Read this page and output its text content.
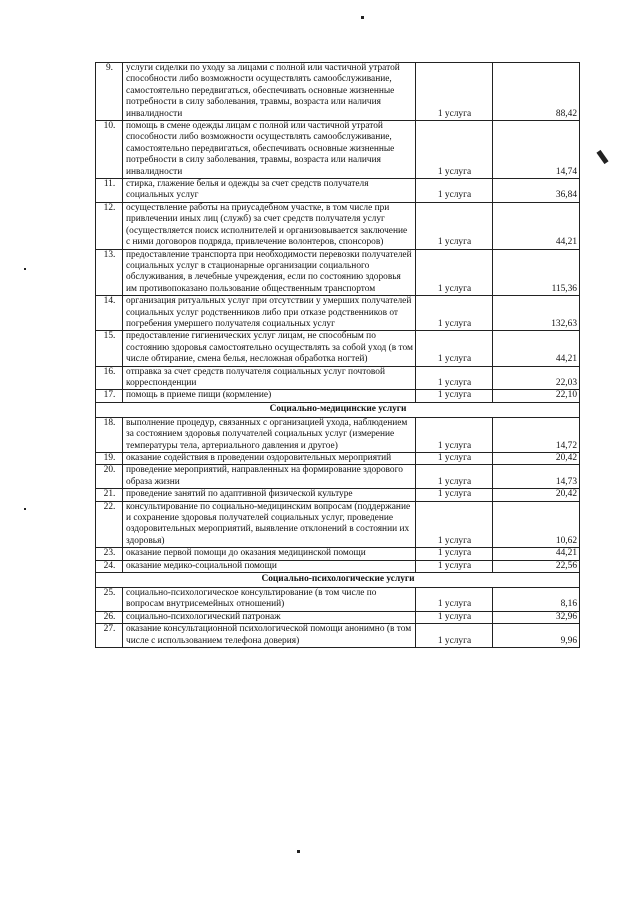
9.	услуги сиделки по уходу за лицами с полной или частичной утратой способности либо возможности осуществлять самообслуживание, самостоятельно передвигаться, обеспечивать основные жизненные потребности в силу заболевания, травмы, возраста или наличия инвалидности	1 услуга	88,42
10.	помощь в смене одежды лицам с полной или частичной утратой способности либо возможности осуществлять самообслуживание, самостоятельно передвигаться, обеспечивать основные жизненные потребности в силу заболевания, травмы, возраста или наличия инвалидности	1 услуга	14,74
11.	стирка, глажение белья и одежды за счет средств получателя социальных услуг	1 услуга	36,84
12.	осуществление работы на приусадебном участке, в том числе при привлечении иных лиц (служб) за счет средств получателя услуг (осуществляется поиск исполнителей и организовывается заключение с ними договоров подряда, привлечение волонтеров, спонсоров)	1 услуга	44,21
13.	предоставление транспорта при необходимости перевозки получателей социальных услуг в стационарные организации социального обслуживания, в лечебные учреждения, если по состоянию здоровья им противопоказано пользование общественным транспортом	1 услуга	115,36
14.	организация ритуальных услуг при отсутствии у умерших получателей социальных услуг родственников либо при отказе родственников от погребения умершего получателя социальных услуг	1 услуга	132,63
15.	предоставление гигиенических услуг лицам, не способным по состоянию здоровья самостоятельно осуществлять за собой уход (в том числе обтирание, смена белья, несложная обработка ногтей)	1 услуга	44,21
16.	отправка за счет средств получателя социальных услуг почтовой корреспонденции	1 услуга	22,03
17.	помощь в приеме пищи (кормление)	1 услуга	22,10
Социально-медицинские услуги			
18.	выполнение процедур, связанных с организацией ухода, наблюдением за состоянием здоровья получателей социальных услуг (измерение температуры тела, артериального давления и другое)	1 услуга	14,72
19.	оказание содействия в проведении оздоровительных мероприятий	1 услуга	20,42
20.	проведение мероприятий, направленных на формирование здорового образа жизни	1 услуга	14,73
21.	проведение занятий по адаптивной физической культуре	1 услуга	20,42
22.	консультирование по социально-медицинским вопросам (поддержание и сохранение здоровья получателей социальных услуг, проведение оздоровительных мероприятий, выявление отклонений в состоянии их здоровья)	1 услуга	10,62
23.	оказание первой помощи до оказания медицинской помощи	1 услуга	44,21
24.	оказание медико-социальной помощи	1 услуга	22,56
Социально-психологические услуги			
25.	социально-психологическое консультирование (в том числе по вопросам внутрисемейных отношений)	1 услуга	8,16
26.	социально-психологический патронаж	1 услуга	32,96
27.	оказание консультационной психологической помощи анонимно (в том числе с использованием телефона доверия)	1 услуга	9,96
